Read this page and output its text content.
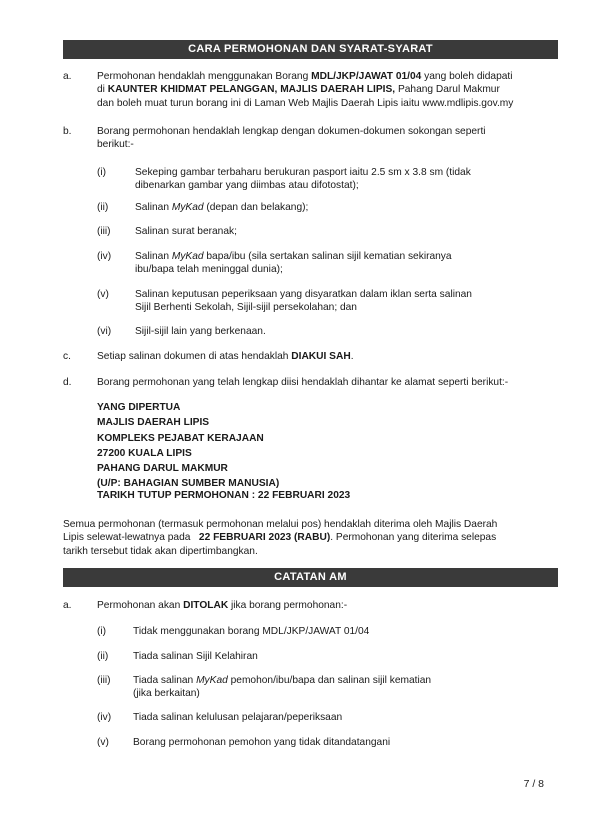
CARA PERMOHONAN DAN SYARAT-SYARAT
a.	Permohonan hendaklah menggunakan Borang MDL/JKP/JAWAT 01/04 yang boleh didapati
di KAUNTER KHIDMAT PELANGGAN, MAJLIS DAERAH LIPIS, Pahang Darul Makmur
dan boleh muat turun borang ini di Laman Web Majlis Daerah Lipis iaitu www.mdlipis.gov.my
b.	Borang permohonan hendaklah lengkap dengan dokumen-dokumen sokongan seperti
berikut:-
(i)	Sekeping gambar terbaharu berukuran pasport iaitu 2.5 sm x 3.8 sm (tidak
dibenarkan gambar yang diimbas atau difotostat);
(ii)	Salinan MyKad (depan dan belakang);
(iii) Salinan surat beranak;
(iv) Salinan MyKad bapa/ibu (sila sertakan salinan sijil kematian sekiranya
ibu/bapa telah meninggal dunia);
(v)	Salinan keputusan peperiksaan yang disyaratkan dalam iklan serta salinan
Sijil Berhenti Sekolah, Sijil-sijil persekolahan; dan
(vi) Sijil-sijil lain yang berkenaan.
c.	Setiap salinan dokumen di atas hendaklah DIAKUI SAH.
d.	Borang permohonan yang telah lengkap diisi hendaklah dihantar ke alamat seperti berikut:-
YANG DIPERTUA
MAJLIS DAERAH LIPIS
KOMPLEKS PEJABAT KERAJAAN
27200 KUALA LIPIS
PAHANG DARUL MAKMUR
(U/P: BAHAGIAN SUMBER MANUSIA)
TARIKH TUTUP PERMOHONAN : 22 FEBRUARI 2023
Semua permohonan (termasuk permohonan melalui pos) hendaklah diterima oleh Majlis Daerah
Lipis selewat-lewatnya pada   22 FEBRUARI 2023 (RABU). Permohonan yang diterima selepas
tarikh tersebut tidak akan dipertimbangkan.
CATATAN AM
a.	Permohonan akan DITOLAK jika borang permohonan:-
(i)	Tidak menggunakan borang MDL/JKP/JAWAT 01/04
(ii) Tiada salinan Sijil Kelahiran
(iii) Tiada salinan MyKad pemohon/ibu/bapa dan salinan sijil kematian
(jika berkaitan)
(iv) Tiada salinan kelulusan pelajaran/peperiksaan
(v) Borang permohonan pemohon yang tidak ditandatangani
7 / 8
